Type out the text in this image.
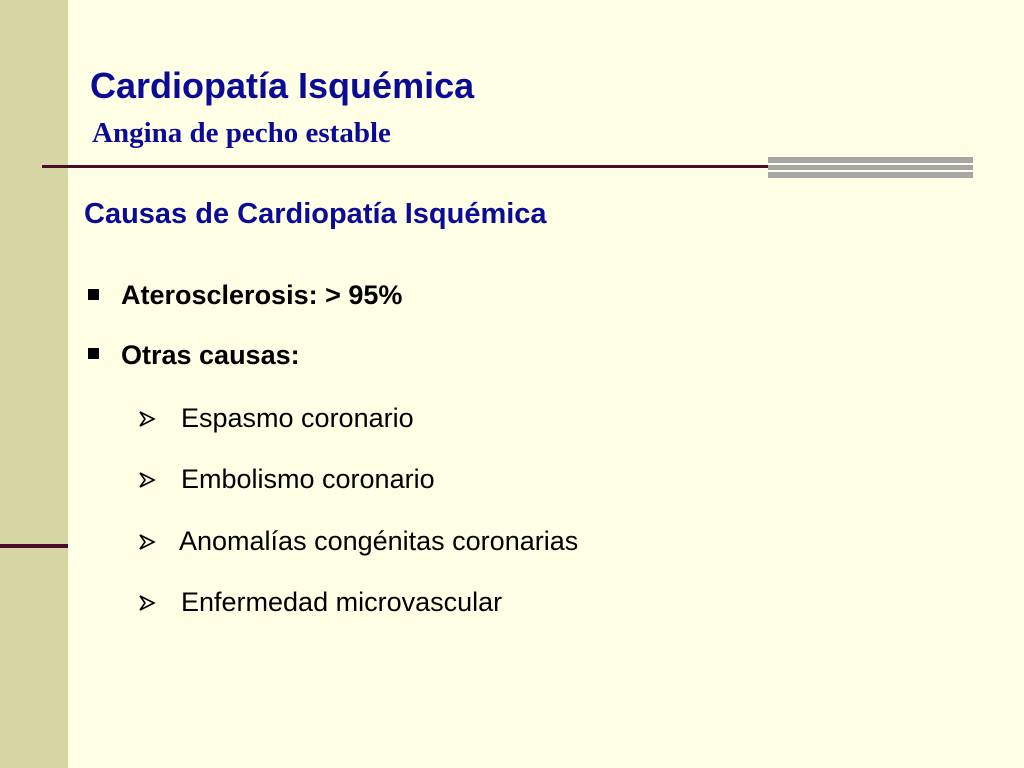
Cardiopatía Isquémica
Angina de pecho estable
Causas de Cardiopatía Isquémica
Aterosclerosis: > 95%
Otras causas:
Espasmo coronario
Embolismo coronario
Anomalías congénitas coronarias
Enfermedad microvascular
